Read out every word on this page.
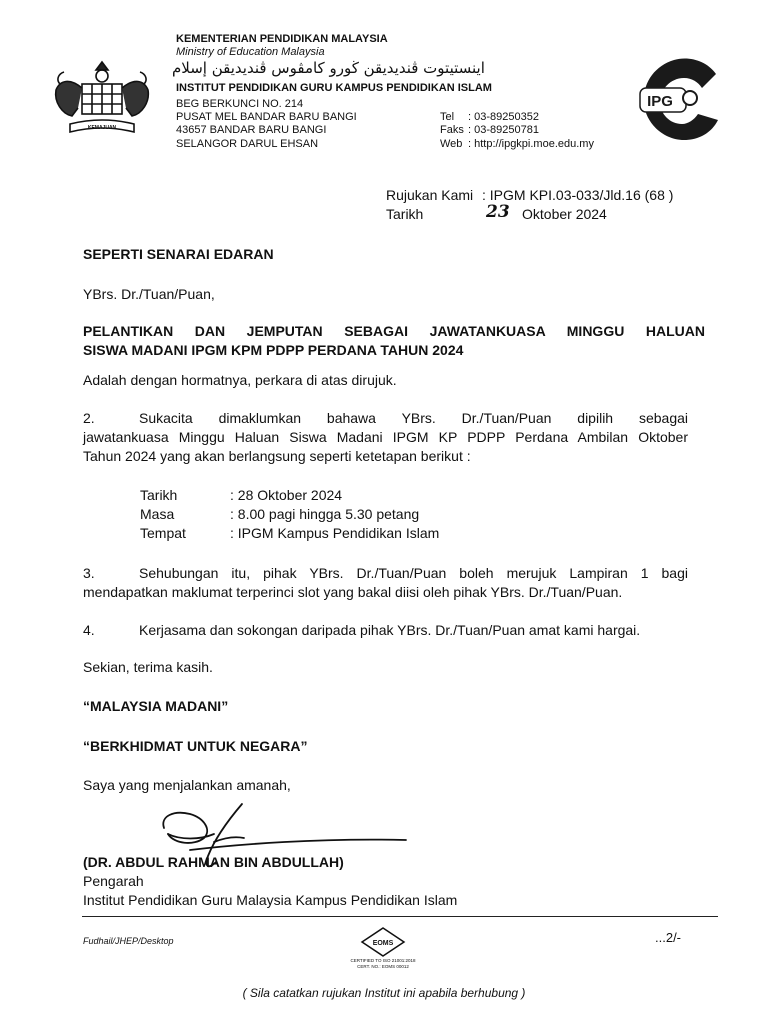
KEMAJUAN
KEMENTERIAN PENDIDIKAN MALAYSIA
Ministry of Education Malaysia
اينستيتوت ڤنديديقن ڬورو كامڤوس ڤنديديقن إسلام
INSTITUT PENDIDIKAN GURU KAMPUS PENDIDIKAN ISLAM
BEG BERKUNCI NO. 214
PUSAT MEL BANDAR BARU BANGI
43657 BANDAR BARU BANGI
SELANGOR DARUL EHSAN
Tel : 03-89250352
Faks : 03-89250781
Web : http://ipgkpi.moe.edu.my
IPG
Rujukan Kami : IPGM KPI.03-033/Jld.16 (68 )
Tarikh	23 Oktober 2024
SEPERTI SENARAI EDARAN
YBrs. Dr./Tuan/Puan,
PELANTIKAN DAN JEMPUTAN SEBAGAI JAWATANKUASA MINGGU HALUAN
SISWA MADANI IPGM KPM PDPP PERDANA TAHUN 2024
Adalah dengan hormatnya, perkara di atas dirujuk.
2.	Sukacita dimaklumkan bahawa YBrs. Dr./Tuan/Puan dipilih sebagai
jawatankuasa Minggu Haluan Siswa Madani IPGM KP PDPP Perdana Ambilan Oktober
Tahun 2024 yang akan berlangsung seperti ketetapan berikut :
Tarikh	: 28 Oktober 2024
Masa	: 8.00 pagi hingga 5.30 petang
Tempat	: IPGM Kampus Pendidikan Islam
3.	Sehubungan itu, pihak YBrs. Dr./Tuan/Puan boleh merujuk Lampiran 1 bagi
mendapatkan maklumat terperinci slot yang bakal diisi oleh pihak YBrs. Dr./Tuan/Puan.
4.	Kerjasama dan sokongan daripada pihak YBrs. Dr./Tuan/Puan amat kami hargai.
Sekian, terima kasih.
“MALAYSIA MADANI”
“BERKHIDMAT UNTUK NEGARA”
Saya yang menjalankan amanah,
(DR. ABDUL RAHMAN BIN ABDULLAH)
Pengarah
Institut Pendidikan Guru Malaysia Kampus Pendidikan Islam
Fudhail/JHEP/Desktop	...2/-
EOMS
CERTIFIED TO ISO 21001:2018
CERT. NO.: EOMS 00012
( Sila catatkan rujukan Institut ini apabila berhubung )
